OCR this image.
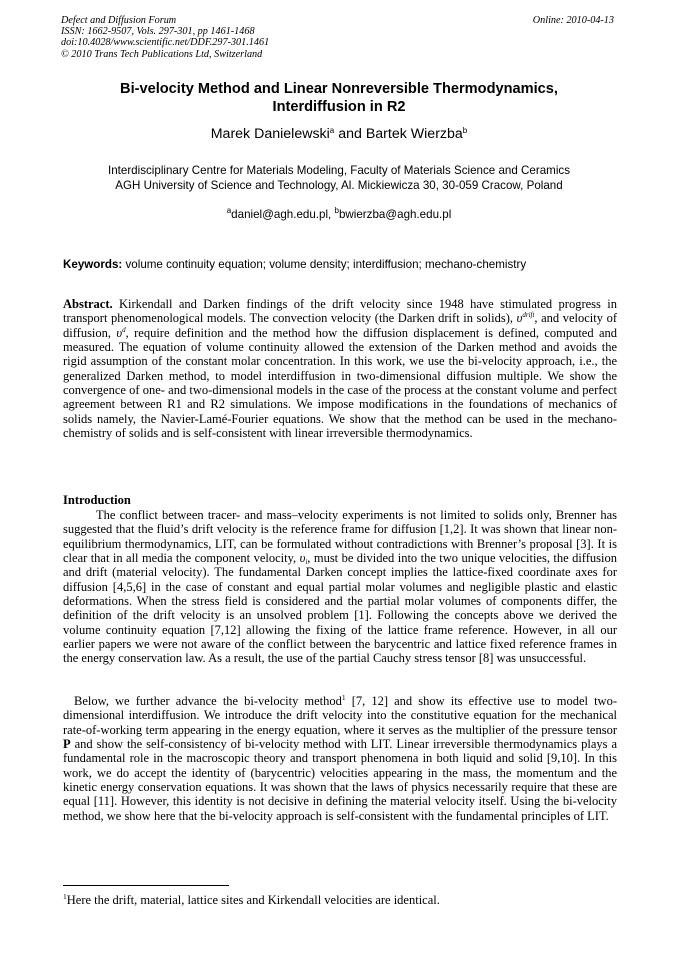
Defect and Diffusion Forum
ISSN: 1662-9507, Vols. 297-301, pp 1461-1468
doi:10.4028/www.scientific.net/DDF.297-301.1461
© 2010 Trans Tech Publications Ltd, Switzerland
Online: 2010-04-13
Bi-velocity Method and Linear Nonreversible Thermodynamics,
Interdiffusion in R2
Marek Danielewski$^a$ and Bartek Wierzba$^b$
Interdisciplinary Centre for Materials Modeling, Faculty of Materials Science and Ceramics
AGH University of Science and Technology, Al. Mickiewicza 30, 30-059 Cracow, Poland
$^a$daniel@agh.edu.pl, $^b$bwierzba@agh.edu.pl
Keywords: volume continuity equation; volume density; interdiffusion; mechano-chemistry
Abstract. Kirkendall and Darken findings of the drift velocity since 1948 have stimulated progress in transport phenomenological models. The convection velocity (the Darken drift in solids), $\upsilon^{drift}$, and velocity of diffusion, $\upsilon^d$, require definition and the method how the diffusion displacement is defined, computed and measured. The equation of volume continuity allowed the extension of the Darken method and avoids the rigid assumption of the constant molar concentration. In this work, we use the bi-velocity approach, i.e., the generalized Darken method, to model interdiffusion in two-dimensional diffusion multiple. We show the convergence of one- and two-dimensional models in the case of the process at the constant volume and perfect agreement between R1 and R2 simulations. We impose modifications in the foundations of mechanics of solids namely, the Navier-Lamé-Fourier equations. We show that the method can be used in the mechano-chemistry of solids and is self-consistent with linear irreversible thermodynamics.
Introduction
The conflict between tracer- and mass–velocity experiments is not limited to solids only, Brenner has suggested that the fluid’s drift velocity is the reference frame for diffusion [1,2]. It was shown that linear non-equilibrium thermodynamics, LIT, can be formulated without contradictions with Brenner’s proposal [3]. It is clear that in all media the component velocity, $\upsilon_i$, must be divided into the two unique velocities, the diffusion and drift (material velocity). The fundamental Darken concept implies the lattice-fixed coordinate axes for diffusion [4,5,6] in the case of constant and equal partial molar volumes and negligible plastic and elastic deformations. When the stress field is considered and the partial molar volumes of components differ, the definition of the drift velocity is an unsolved problem [1]. Following the concepts above we derived the volume continuity equation [7,12] allowing the fixing of the lattice frame reference. However, in all our earlier papers we were not aware of the conflict between the barycentric and lattice fixed reference frames in the energy conservation law. As a result, the use of the partial Cauchy stress tensor [8] was unsuccessful.
Below, we further advance the bi-velocity method$^1$ [7, 12] and show its effective use to model two-dimensional interdiffusion. We introduce the drift velocity into the constitutive equation for the mechanical rate-of-working term appearing in the energy equation, where it serves as the multiplier of the pressure tensor P and show the self-consistency of bi-velocity method with LIT. Linear irreversible thermodynamics plays a fundamental role in the macroscopic theory and transport phenomena in both liquid and solid [9,10]. In this work, we do accept the identity of (barycentric) velocities appearing in the mass, the momentum and the kinetic energy conservation equations. It was shown that the laws of physics necessarily require that these are equal [11]. However, this identity is not decisive in defining the material velocity itself. Using the bi-velocity method, we show here that the bi-velocity approach is self-consistent with the fundamental principles of LIT.
$^1$Here the drift, material, lattice sites and Kirkendall velocities are identical.
